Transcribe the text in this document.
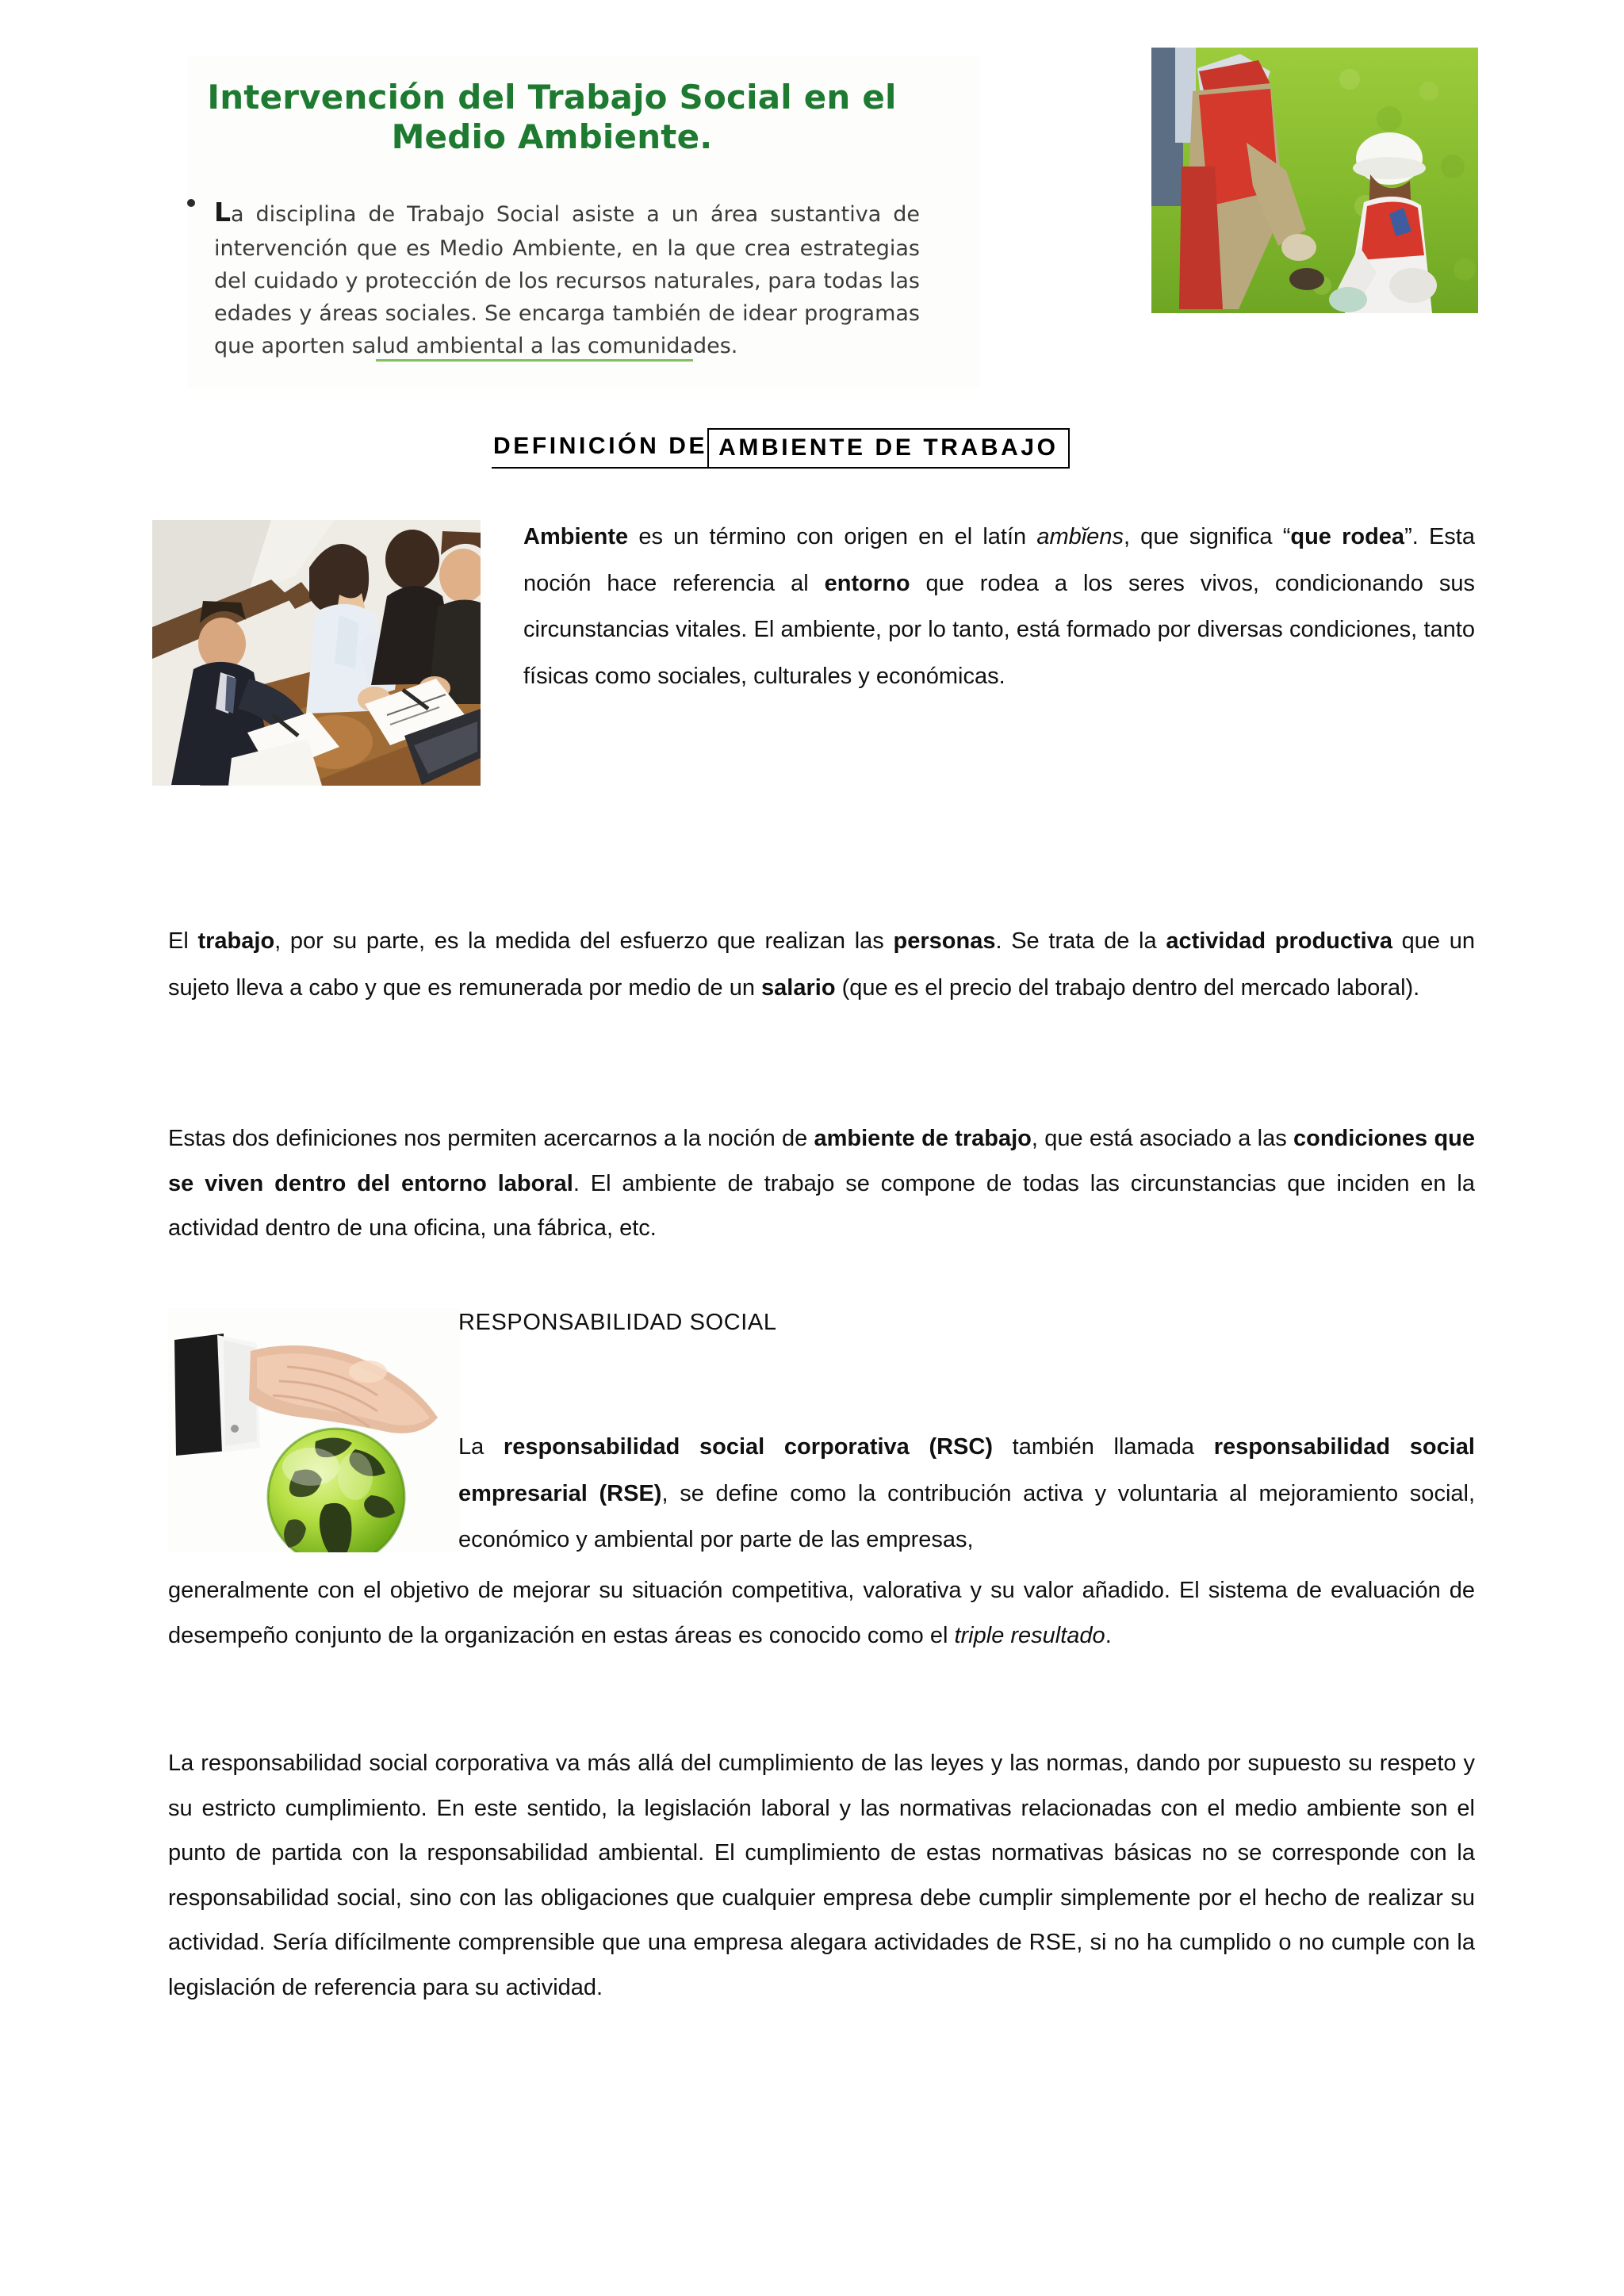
Intervención del Trabajo Social en el Medio Ambiente.
La disciplina de Trabajo Social asiste a un área sustantiva de intervención que es Medio Ambiente, en la que crea estrategias del cuidado y protección de los recursos naturales, para todas las edades y áreas sociales. Se encarga también de idear programas que aporten salud ambiental a las comunidades.
DEFINICIÓN DE AMBIENTE DE TRABAJO
Ambiente es un término con origen en el latín ambĭens, que significa “que rodea”. Esta noción hace referencia al entorno que rodea a los seres vivos, condicionando sus circunstancias vitales. El ambiente, por lo tanto, está formado por diversas condiciones, tanto físicas como sociales, culturales y económicas.
El trabajo, por su parte, es la medida del esfuerzo que realizan las personas. Se trata de la actividad productiva que un sujeto lleva a cabo y que es remunerada por medio de un salario (que es el precio del trabajo dentro del mercado laboral).
Estas dos definiciones nos permiten acercarnos a la noción de ambiente de trabajo, que está asociado a las condiciones que se viven dentro del entorno laboral. El ambiente de trabajo se compone de todas las circunstancias que inciden en la actividad dentro de una oficina, una fábrica, etc.
RESPONSABILIDAD SOCIAL
La responsabilidad social corporativa (RSC) también llamada responsabilidad social empresarial (RSE), se define como la contribución activa y voluntaria al mejoramiento social, económico y ambiental por parte de las empresas,
generalmente con el objetivo de mejorar su situación competitiva, valorativa y su valor añadido. El sistema de evaluación de desempeño conjunto de la organización en estas áreas es conocido como el triple resultado.
La responsabilidad social corporativa va más allá del cumplimiento de las leyes y las normas, dando por supuesto su respeto y su estricto cumplimiento. En este sentido, la legislación laboral y las normativas relacionadas con el medio ambiente son el punto de partida con la responsabilidad ambiental. El cumplimiento de estas normativas básicas no se corresponde con la responsabilidad social, sino con las obligaciones que cualquier empresa debe cumplir simplemente por el hecho de realizar su actividad. Sería difícilmente comprensible que una empresa alegara actividades de RSE, si no ha cumplido o no cumple con la legislación de referencia para su actividad.
